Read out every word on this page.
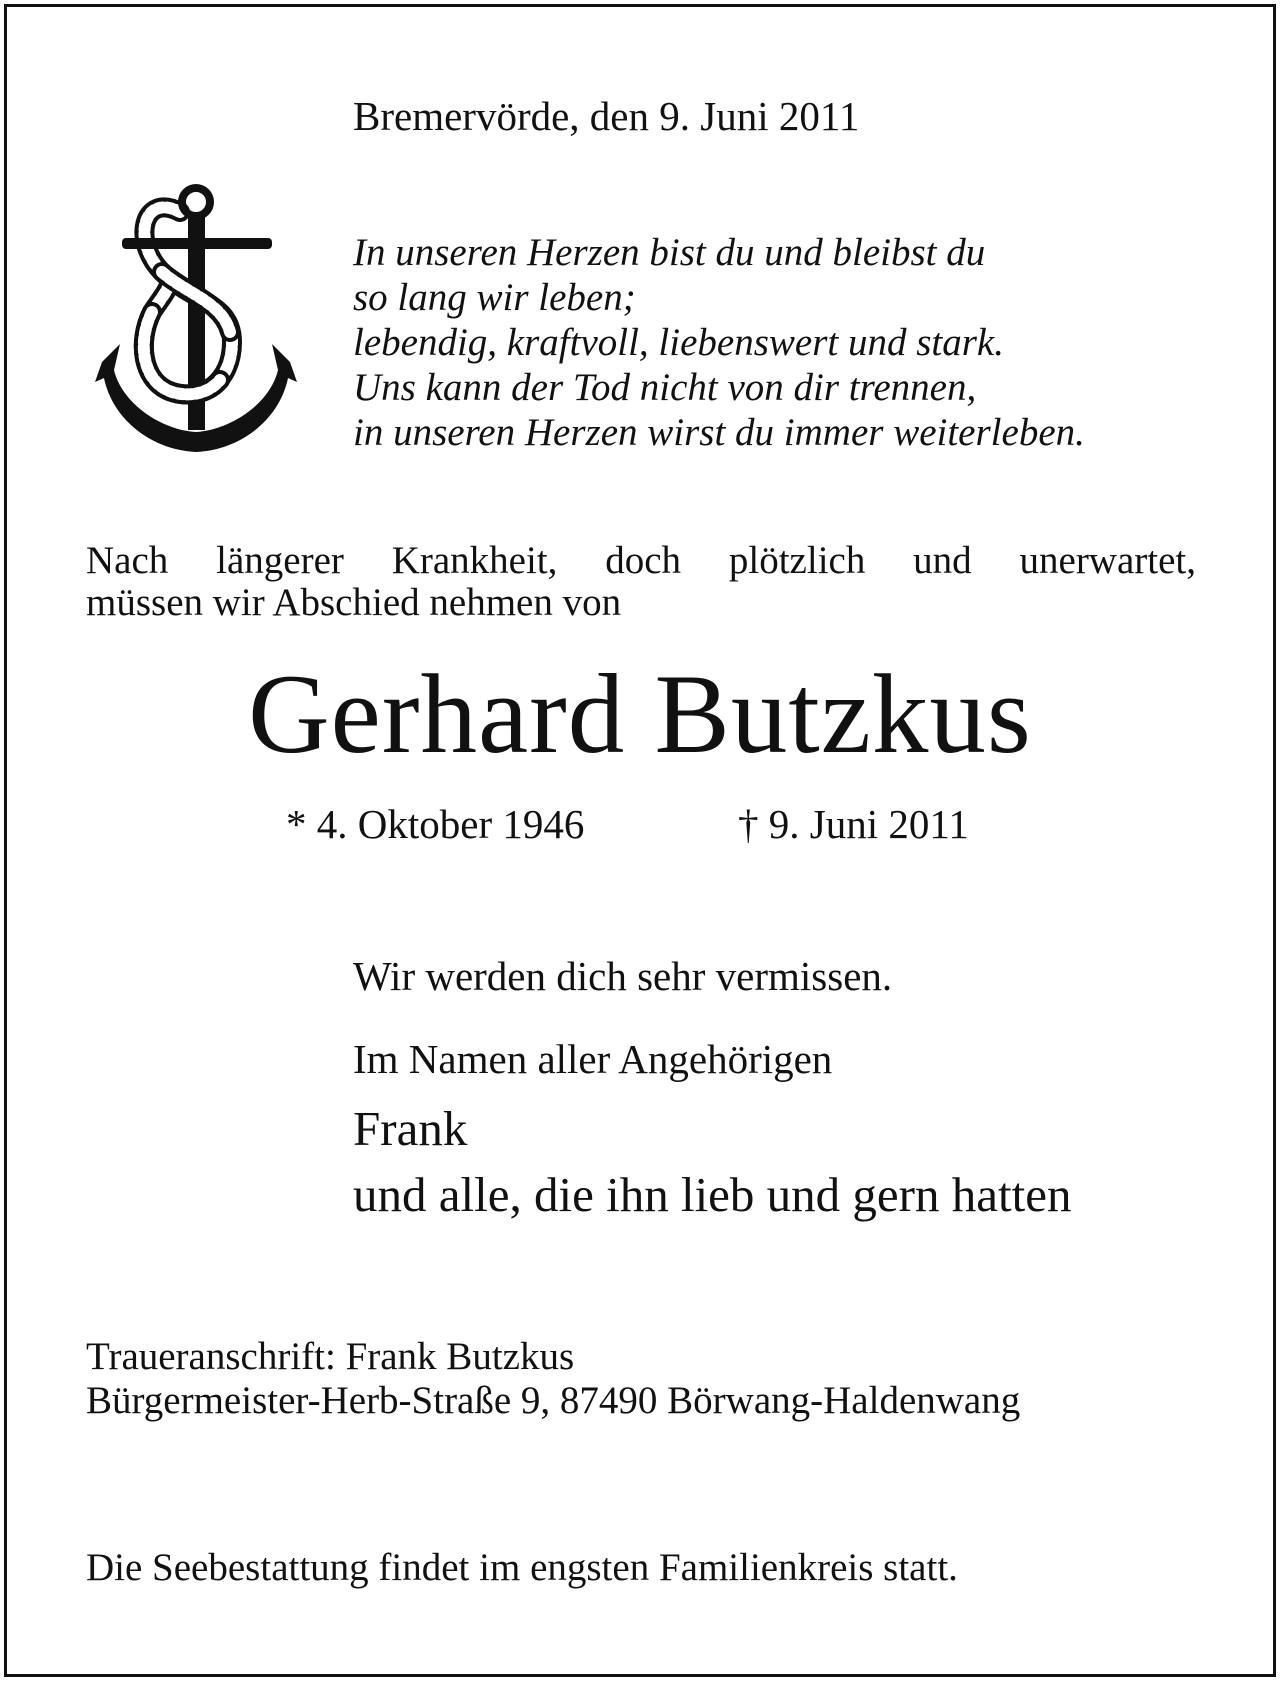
Bremervörde, den 9. Juni 2011
In unseren Herzen bist du und bleibst du
so lang wir leben;
lebendig, kraftvoll, liebenswert und stark.
Uns kann der Tod nicht von dir trennen,
in unseren Herzen wirst du immer weiterleben.
Nach längerer Krankheit, doch plötzlich und unerwartet,
müssen wir Abschied nehmen von
Gerhard Butzkus
* 4. Oktober 1946	† 9. Juni 2011
Wir werden dich sehr vermissen.
Im Namen aller Angehörigen
Frank
und alle, die ihn lieb und gern hatten
Traueranschrift: Frank Butzkus
Bürgermeister-Herb-Straße 9, 87490 Börwang-Haldenwang
Die Seebestattung findet im engsten Familienkreis statt.
